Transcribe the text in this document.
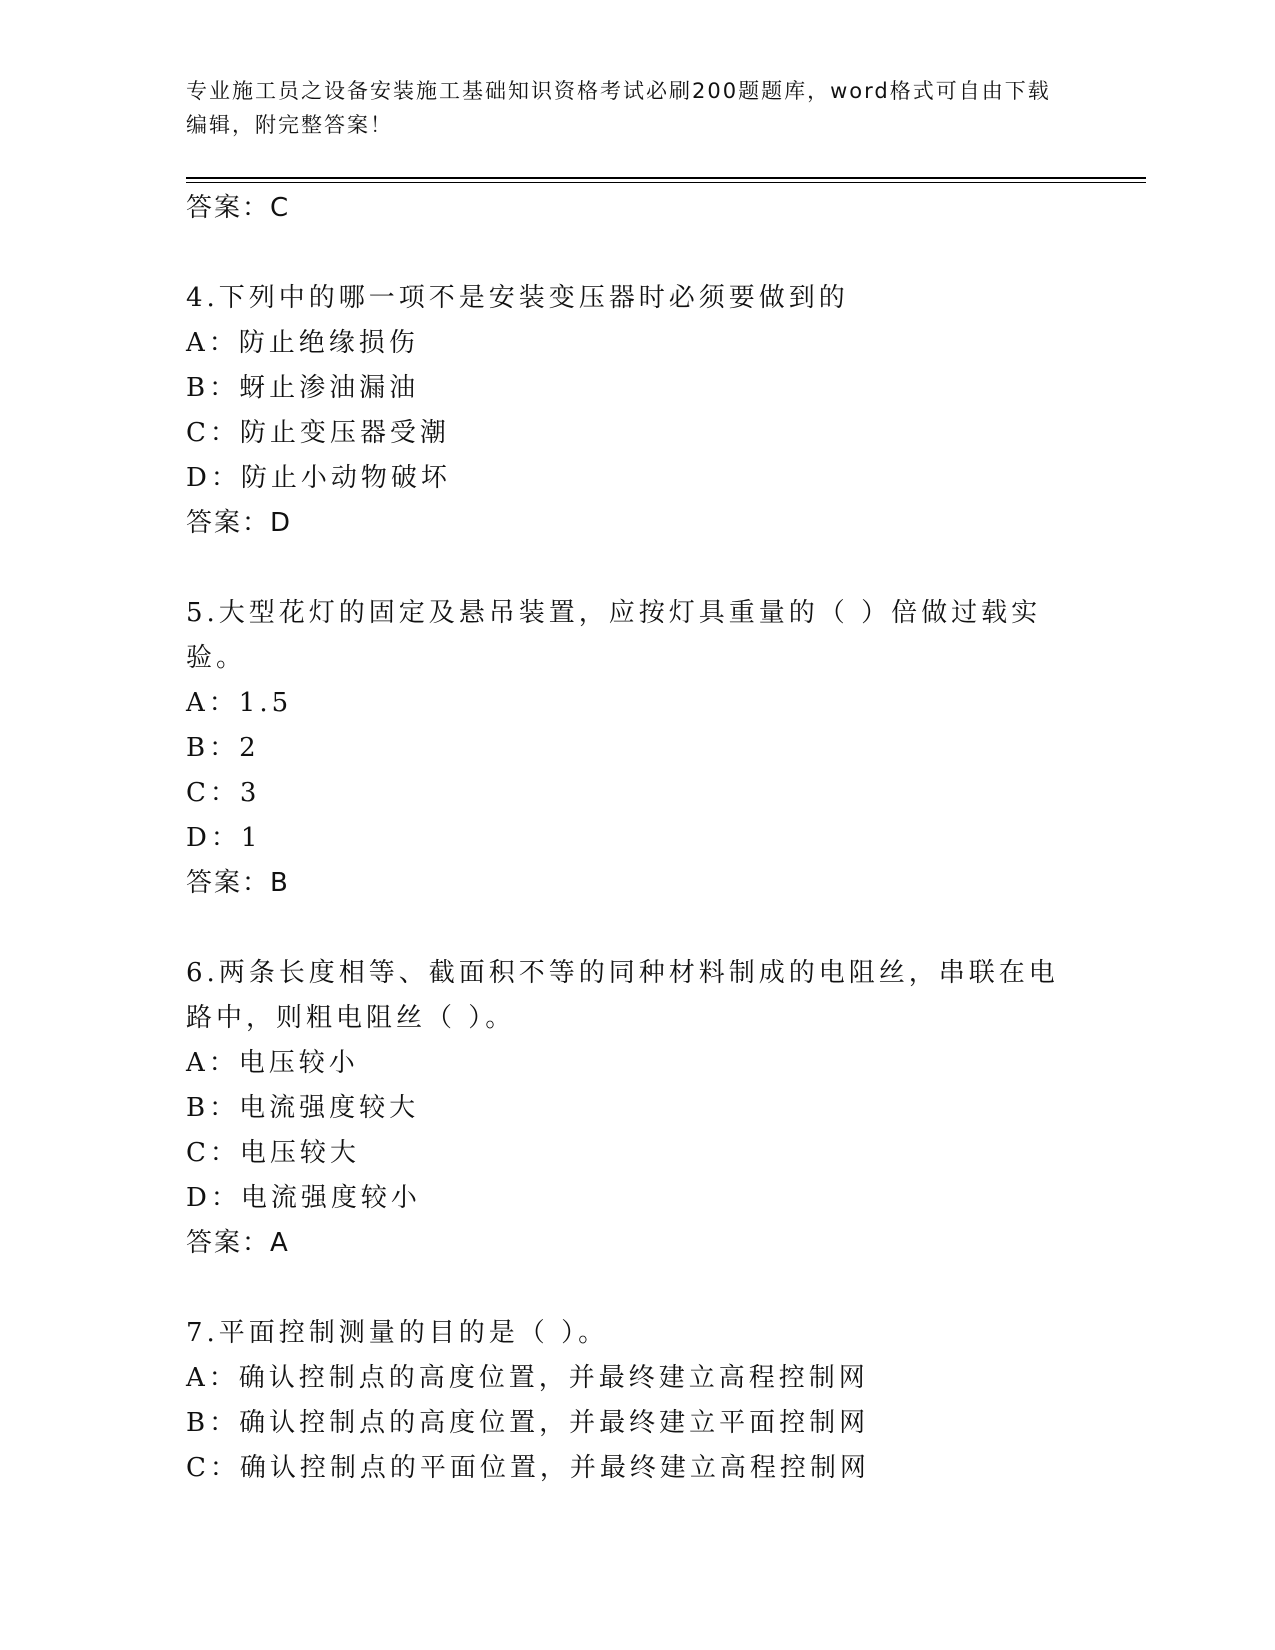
专业施工员之设备安装施工基础知识资格考试必刷200题题库，word格式可自由下载编辑，附完整答案！
答案：C
4.下列中的哪一项不是安装变压器时必须要做到的
A：防止绝缘损伤
B：蚜止渗油漏油
C：防止变压器受潮
D：防止小动物破坏
答案：D
5.大型花灯的固定及悬吊装置，应按灯具重量的（ ）倍做过载实验。
A：1.5
B：2
C：3
D：1
答案：B
6.两条长度相等、截面积不等的同种材料制成的电阻丝，串联在电路中，则粗电阻丝（ ）。
A：电压较小
B：电流强度较大
C：电压较大
D：电流强度较小
答案：A
7.平面控制测量的目的是（ ）。
A：确认控制点的高度位置，并最终建立高程控制网
B：确认控制点的高度位置，并最终建立平面控制网
C：确认控制点的平面位置，并最终建立高程控制网
